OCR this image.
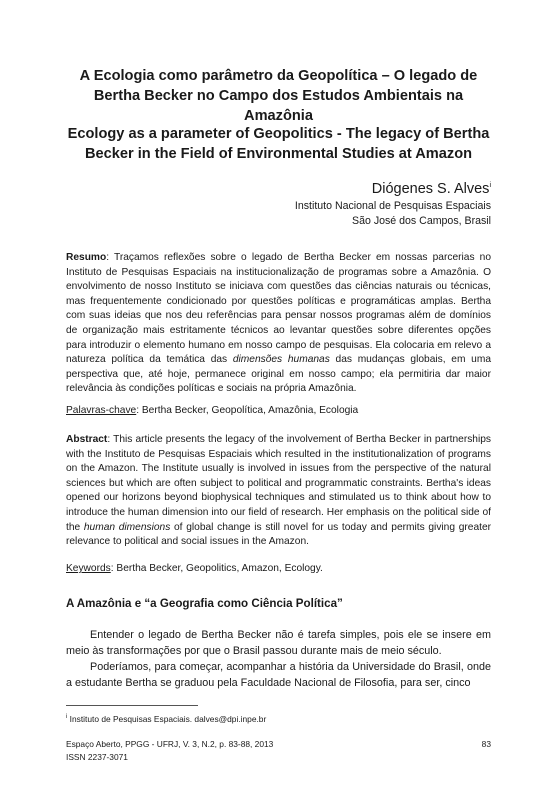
A Ecologia como parâmetro da Geopolítica – O legado de Bertha Becker no Campo dos Estudos Ambientais na Amazônia
Ecology as a parameter of Geopolitics - The legacy of Bertha Becker in the Field of Environmental Studies at Amazon
Diógenes S. Alves$^i$
Instituto Nacional de Pesquisas Espaciais
São José dos Campos, Brasil

Resumo: Traçamos reflexões sobre o legado de Bertha Becker em nossas parcerias no Instituto de Pesquisas Espaciais na institucionalização de programas sobre a Amazônia. O envolvimento de nosso Instituto se iniciava com questões das ciências naturais ou técnicas, mas frequentemente condicionado por questões políticas e programáticas amplas. Bertha com suas ideias que nos deu referências para pensar nossos programas além de domínios de organização mais estritamente técnicos ao levantar questões sobre diferentes opções para introduzir o elemento humano em nosso campo de pesquisas. Ela colocaria em relevo a natureza política da temática das dimensões humanas das mudanças globais, em uma perspectiva que, até hoje, permanece original em nosso campo; ela permitiria dar maior relevância às condições políticas e sociais na própria Amazônia.

Palavras-chave: Bertha Becker, Geopolítica, Amazônia, Ecologia

Abstract: This article presents the legacy of the involvement of Bertha Becker in partnerships with the Instituto de Pesquisas Espaciais which resulted in the institutionalization of programs on the Amazon. The Institute usually is involved in issues from the perspective of the natural sciences but which are often subject to political and programmatic constraints. Bertha's ideas opened our horizons beyond biophysical techniques and stimulated us to think about how to introduce the human dimension into our field of research. Her emphasis on the political side of the human dimensions of global change is still novel for us today and permits giving greater relevance to political and social issues in the Amazon.

Keywords: Bertha Becker, Geopolitics, Amazon, Ecology.

A Amazônia e “a Geografia como Ciência Política”

Entender o legado de Bertha Becker não é tarefa simples, pois ele se insere em meio às transformações por que o Brasil passou durante mais de meio século.

Poderíamos, para começar, acompanhar a história da Universidade do Brasil, onde a estudante Bertha se graduou pela Faculdade Nacional de Filosofia, para ser, cinco

$^i$ Instituto de Pesquisas Espaciais. dalves@dpi.inpe.br
Espaço Aberto, PPGG - UFRJ, V. 3, N.2, p. 83-88, 2013
ISSN 2237-3071
83
